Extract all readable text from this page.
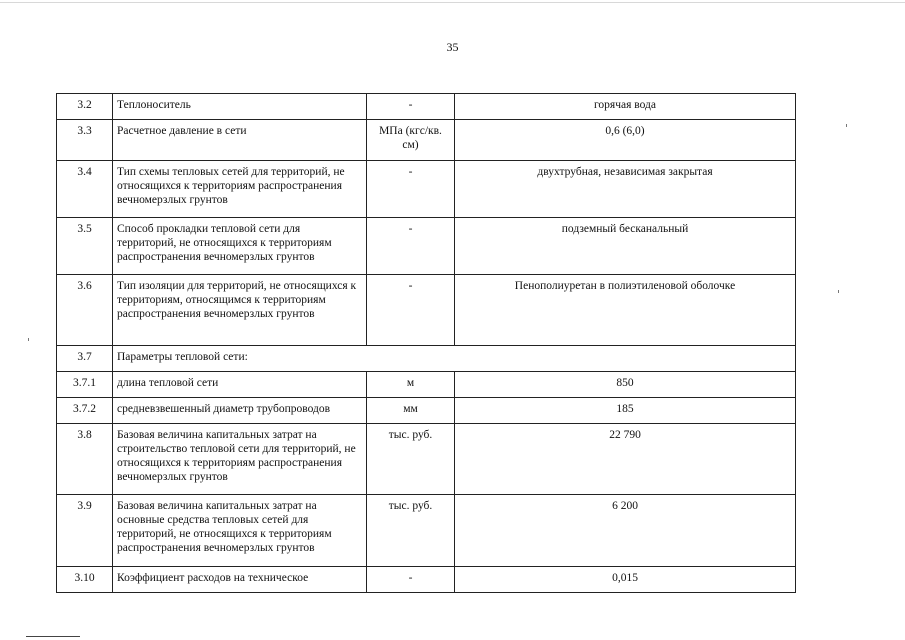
35
3.2	Теплоноситель	-	горячая вода
3.3	Расчетное давление в сети	МПа (кгс/кв. см)	0,6 (6,0)
3.4	Тип схемы тепловых сетей для территорий, не относящихся к территориям распространения вечномерзлых грунтов	-	двухтрубная, независимая закрытая
3.5	Способ прокладки тепловой сети для территорий, не относящихся к территориям распространения вечномерзлых грунтов	-	подземный бесканальный
3.6	Тип изоляции для территорий, не относящихся к территориям, относящимся к территориям распространения вечномерзлых грунтов	-	Пенополиуретан в полиэтиленовой оболочке
3.7	Параметры тепловой сети:		
3.7.1	длина тепловой сети	м	850
3.7.2	средневзвешенный диаметр трубопроводов	мм	185
3.8	Базовая величина капитальных затрат на строительство тепловой сети для территорий, не относящихся к территориям распространения вечномерзлых грунтов	тыс. руб.	22 790
3.9	Базовая величина капитальных затрат на основные средства тепловых сетей для территорий, не относящихся к территориям распространения вечномерзлых грунтов	тыс. руб.	6 200
3.10	Коэффициент расходов на техническое	-	0,015
